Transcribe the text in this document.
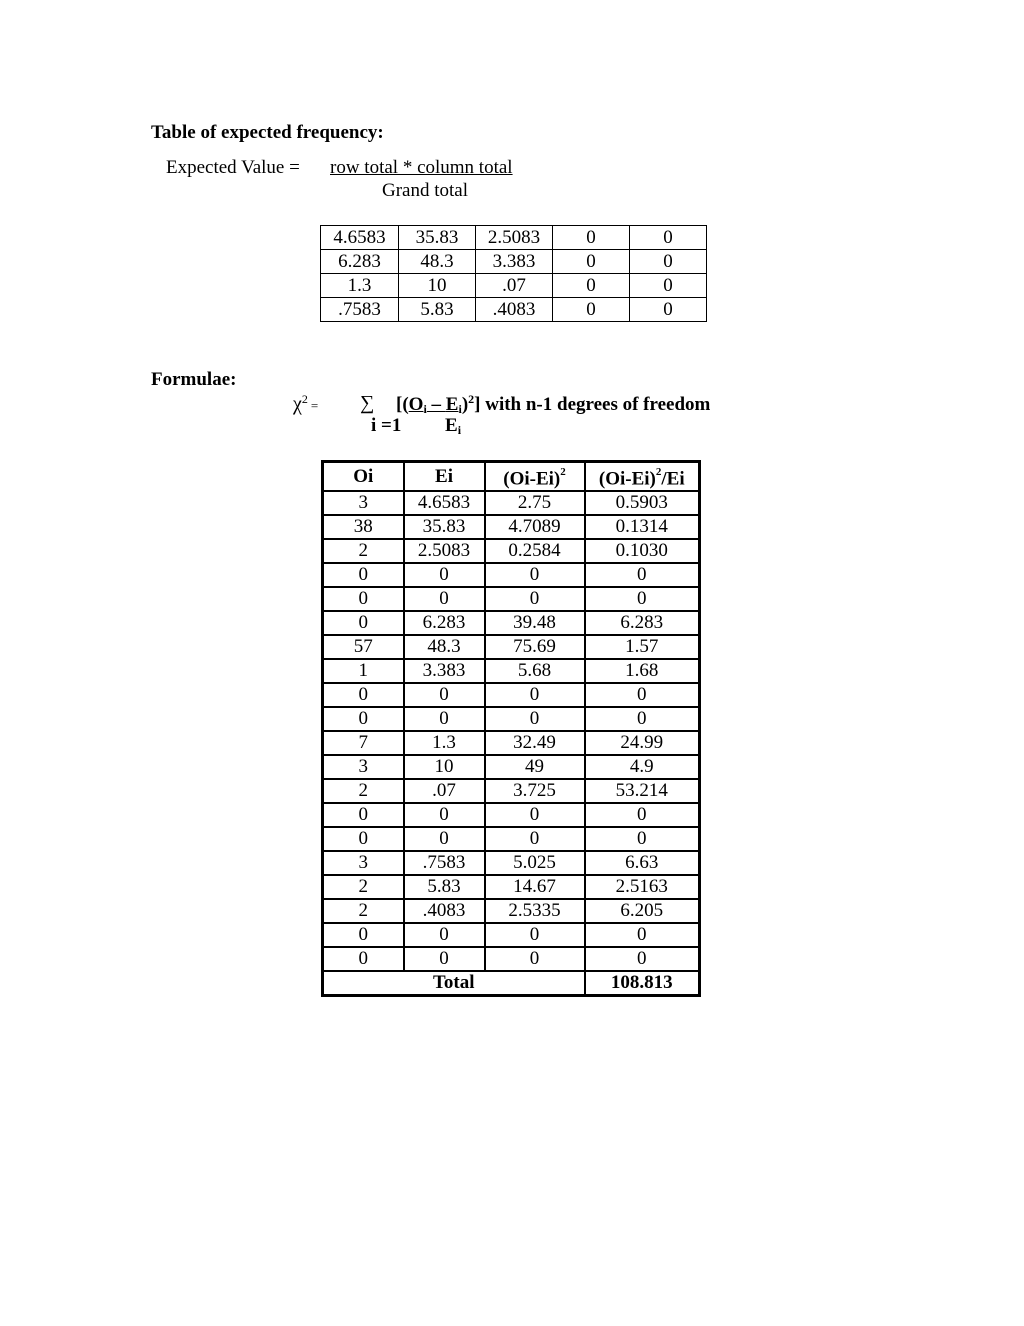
Table of expected frequency:
Expected Value = row total * column total
Grand total
4.6583	35.83	2.5083	0	0
6.283	48.3	3.383	0	0
1.3	10	.07	0	0
.7583	5.83	.4083	0	0
Formulae:
$\chi^2$ = ∑
i =1
$[(O_i - E_i)^2]$ with n-1 degrees of freedom
$E_i$
Oi	Ei	$(Oi-Ei)^2$	$(Oi-Ei)^2/Ei$
3	4.6583	2.75	0.5903
38	35.83	4.7089	0.1314
2	2.5083	0.2584	0.1030
0	0	0	0
0	0	0	0
0	6.283	39.48	6.283
57	48.3	75.69	1.57
1	3.383	5.68	1.68
0	0	0	0
0	0	0	0
7	1.3	32.49	24.99
3	10	49	4.9
2	.07	3.725	53.214
0	0	0	0
0	0	0	0
3	.7583	5.025	6.63
2	5.83	14.67	2.5163
2	.4083	2.5335	6.205
0	0	0	0
0	0	0	0
Total			108.813
